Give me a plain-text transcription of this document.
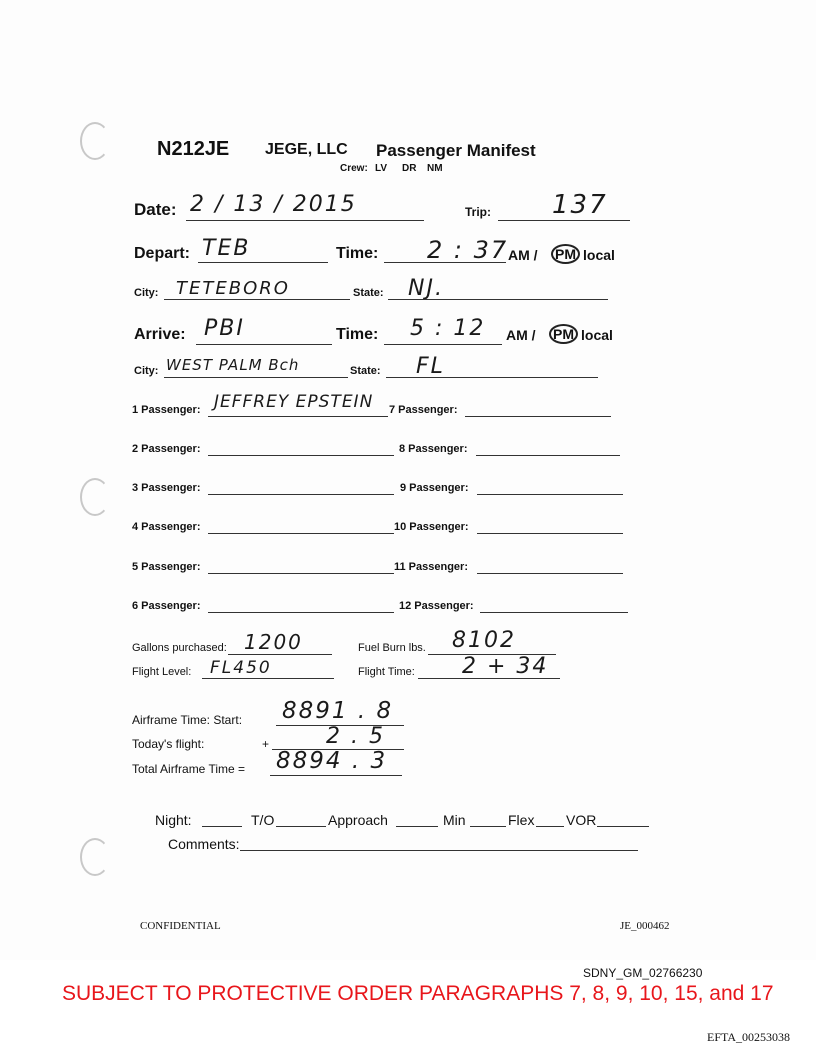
N212JE JEGE, LLC Passenger Manifest
Crew: LV DR NM
Date: 2 / 13 / 2015	Trip: 137
Depart: TEB	Time: 2 : 37 AM / PM local
City: TETEBORO	State: NJ.
Arrive: PBI	Time: 5 : 12 AM / PM local
City: WEST PALM Bch	State: FL
1 Passenger: JEFFREY EPSTEIN 7 Passenger:
2 Passenger:	8 Passenger:
3 Passenger:	9 Passenger:
4 Passenger:	10 Passenger:
5 Passenger:	11 Passenger:
6 Passenger:	12 Passenger:
Gallons purchased: 1200	Fuel Burn lbs. 8102
Flight Level: FL450	Flight Time: 2 + 34
Airframe Time: Start: 8891 . 8
Today's flight:	+	2 . 5
Total Airframe Time = 8894 . 3
Night:	T/O	Approach	Min	Flex VOR
Comments:
CONFIDENTIAL	JE_000462
SDNY_GM_02766230
SUBJECT TO PROTECTIVE ORDER PARAGRAPHS 7, 8, 9, 10, 15, and 17
EFTA_00253038
